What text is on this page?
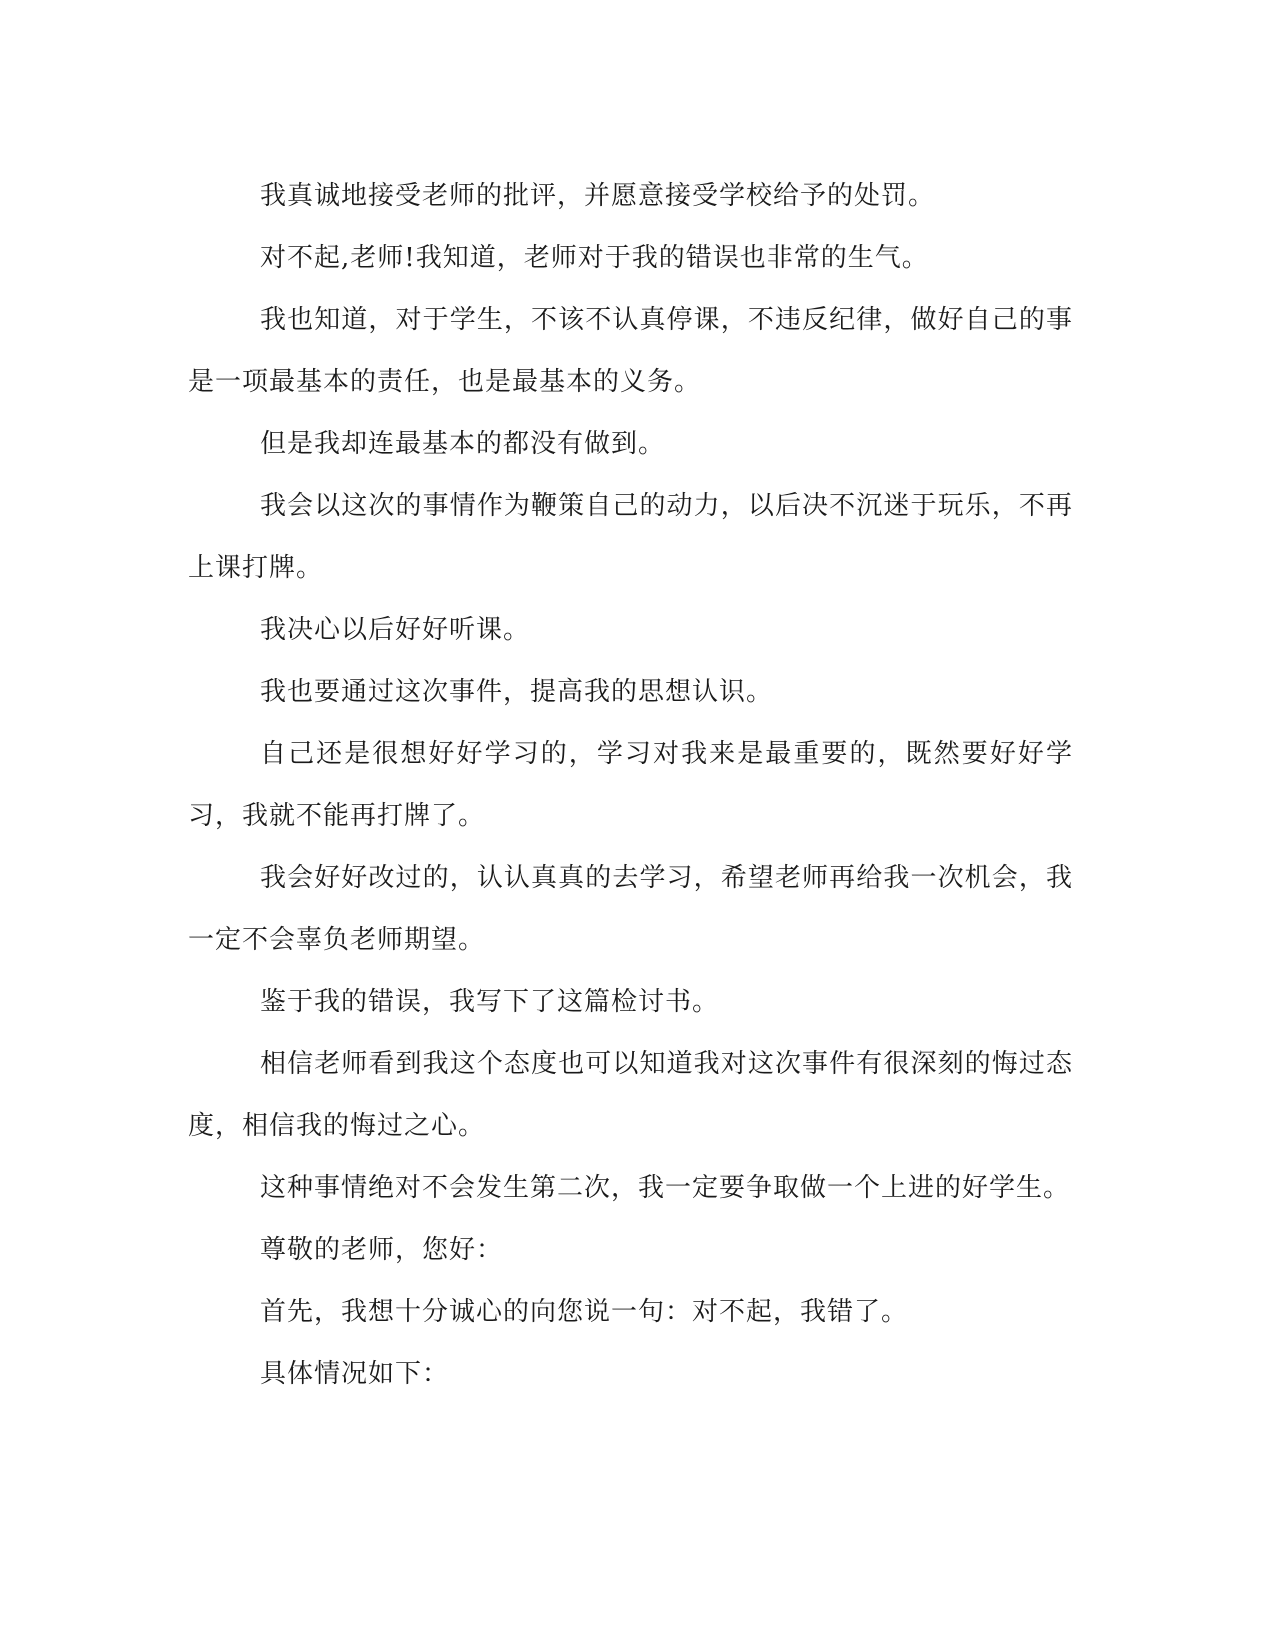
我真诚地接受老师的批评，并愿意接受学校给予的处罚。

对不起,老师!我知道，老师对于我的错误也非常的生气。

我也知道，对于学生，不该不认真停课，不违反纪律，做好自己的事是一项最基本的责任，也是最基本的义务。

但是我却连最基本的都没有做到。

我会以这次的事情作为鞭策自己的动力，以后决不沉迷于玩乐，不再上课打牌。

我决心以后好好听课。

我也要通过这次事件，提高我的思想认识。

自己还是很想好好学习的，学习对我来是最重要的，既然要好好学习，我就不能再打牌了。

我会好好改过的，认认真真的去学习，希望老师再给我一次机会，我一定不会辜负老师期望。

鉴于我的错误，我写下了这篇检讨书。

相信老师看到我这个态度也可以知道我对这次事件有很深刻的悔过态度，相信我的悔过之心。

这种事情绝对不会发生第二次，我一定要争取做一个上进的好学生。

尊敬的老师，您好：

首先，我想十分诚心的向您说一句：对不起，我错了。

具体情况如下：
